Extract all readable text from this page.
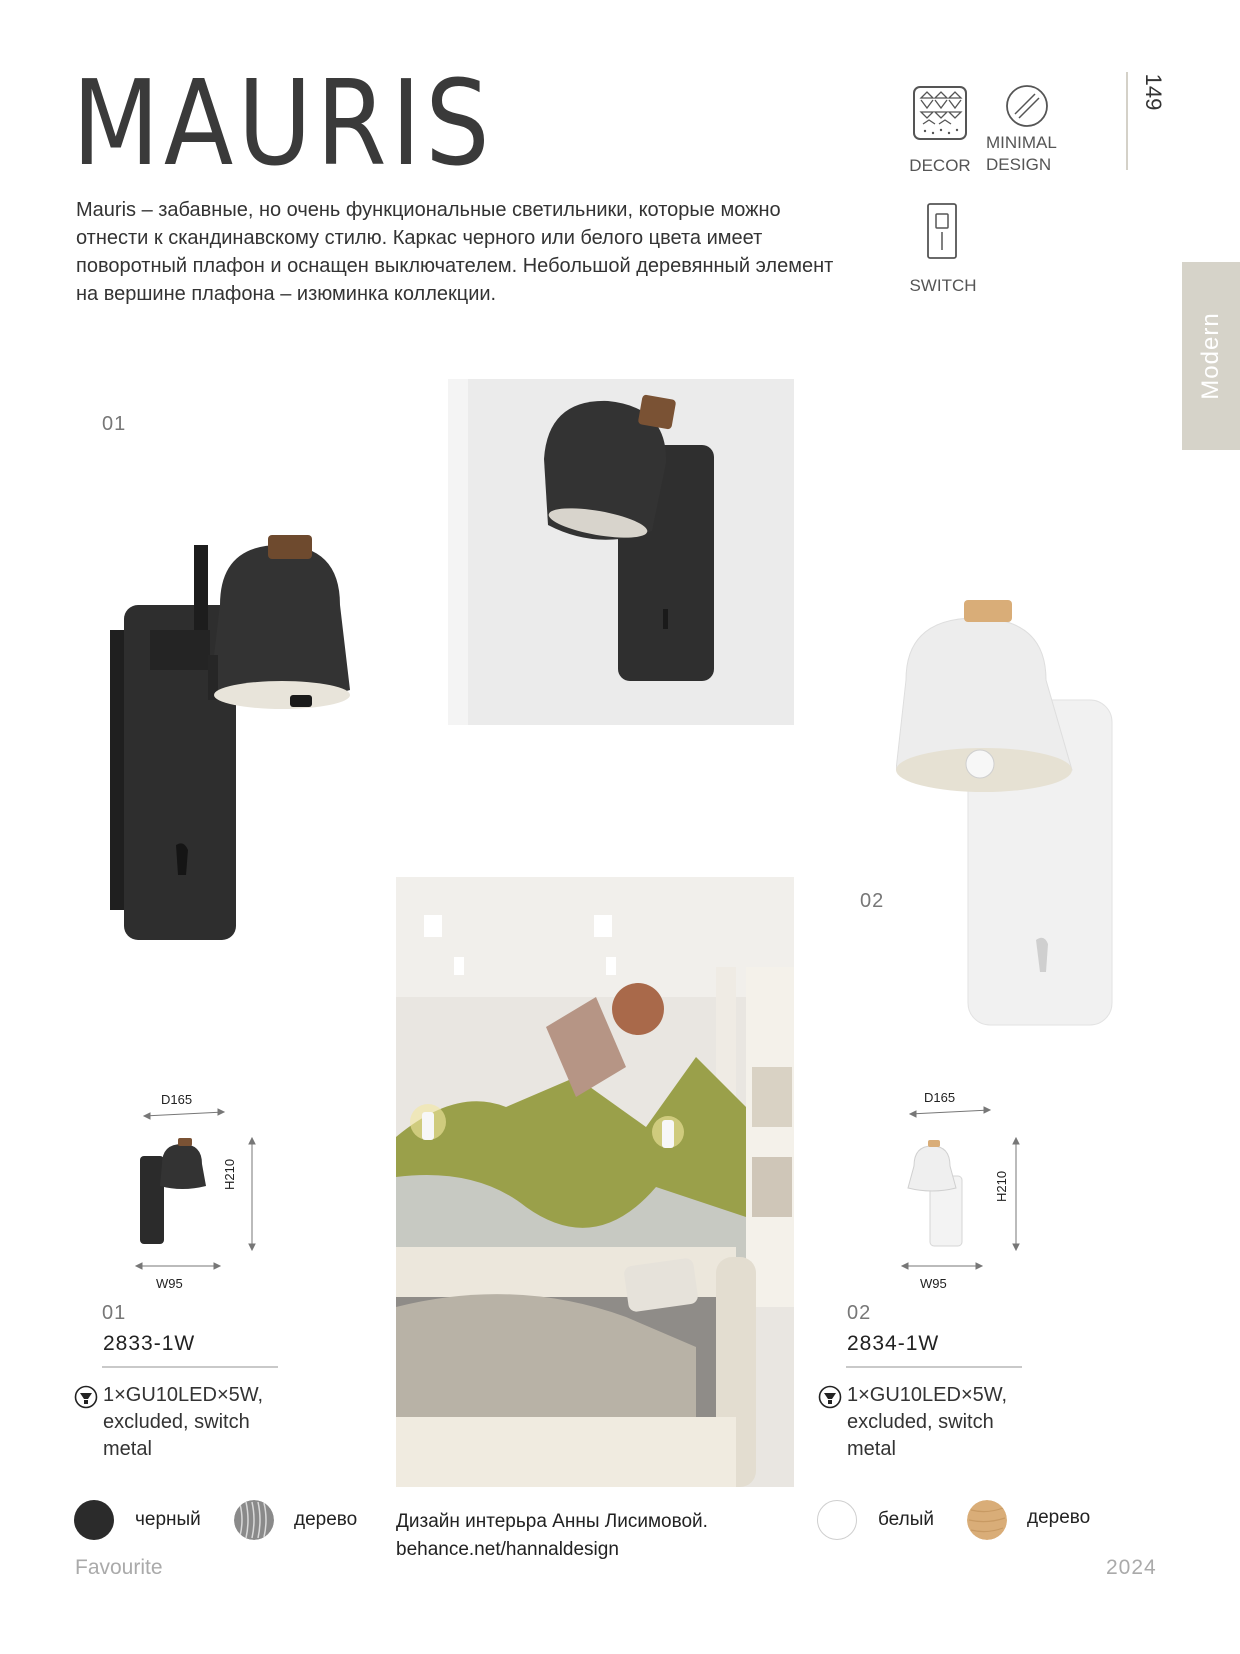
MAURIS
Mauris – забавные, но очень функциональные светильники, которые можно отнести к скандинавскому стилю. Каркас черного или белого цвета имеет поворотный плафон и оснащен выключателем. Небольшой деревянный элемент на вершине плафона – изюминка коллекции.
DECOR
MINIMAL
DESIGN
SWITCH
149
Modern
01
02
D165
H210
W95
01
2833-1W
1×GU10LED×5W,
excluded, switch
metal
черный	дерево
D165
H210
W95
02
2834-1W
1×GU10LED×5W,
excluded, switch
metal
белый	дерево
Дизайн интерьра Анны Лисимовой.
behance.net/hannaldesign
Favourite	2024
